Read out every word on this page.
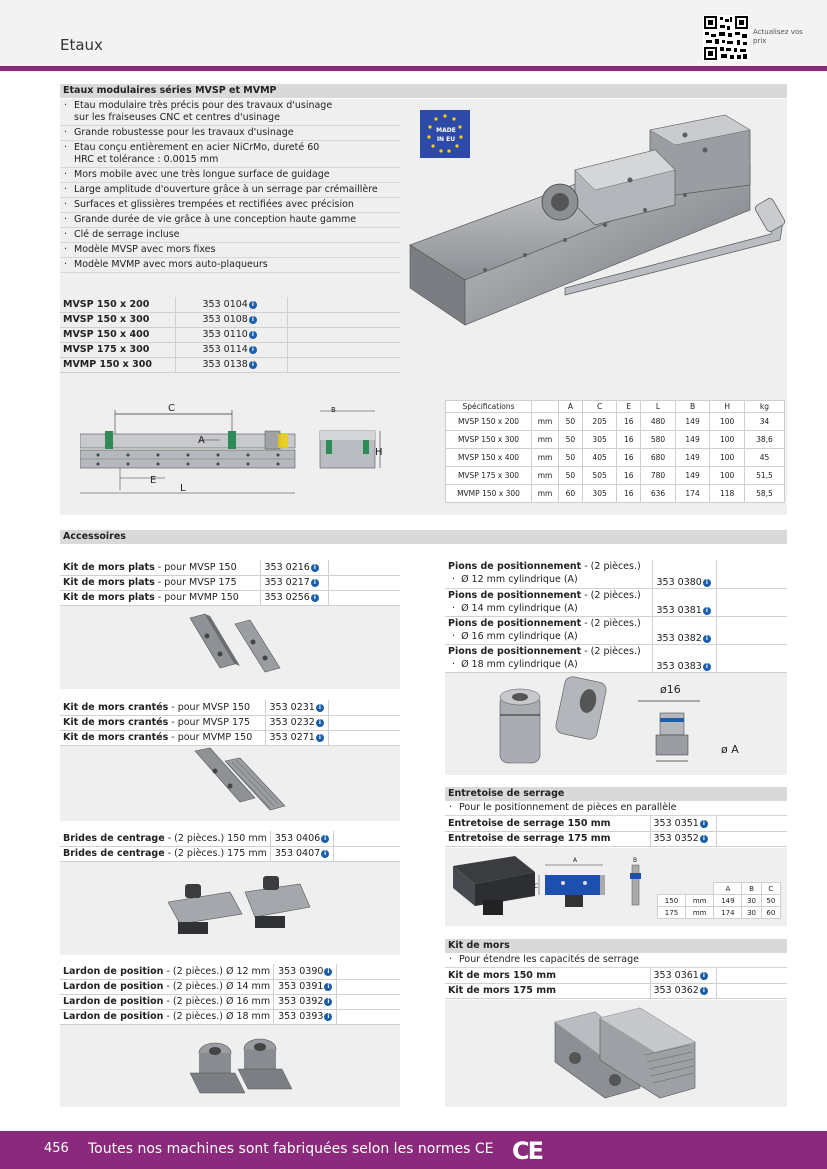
Etaux
Actualisez vos prix
Etaux modulaires séries MVSP et MVMP
· Etau modulaire très précis pour des travaux d'usinage sur les fraiseuses CNC et centres d'usinage
· Grande robustesse pour les travaux d'usinage
· Etau conçu entièrement en acier NiCrMo, dureté 60 HRC et tolérance : 0.0015 mm
· Mors mobile avec une très longue surface de guidage
· Large amplitude d'ouverture grâce à un serrage par crémaillère
· Surfaces et glissières trempées et rectifiées avec précision
· Grande durée de vie grâce à une conception haute gamme
· Clé de serrage incluse
· Modèle MVSP avec mors fixes
· Modèle MVMP avec mors auto-plaqueurs
MADE
IN EU
MVSP 150 x 200	353 0104 i	
MVSP 150 x 300	353 0108 i	
MVSP 150 x 400	353 0110 i	
MVSP 175 x 300	353 0114 i	
MVMP 150 x 300	353 0138 i	
C
A
E
L
B
H
Spécifications		A	C	E	L	B	H	kg
MVSP 150 x 200	mm	50	205	16	480	149	100	34
MVSP 150 x 300	mm	50	305	16	580	149	100	38,6
MVSP 150 x 400	mm	50	405	16	680	149	100	45
MVSP 175 x 300	mm	50	505	16	780	149	100	51,5
MVMP 150 x 300	mm	60	305	16	636	174	118	58,5
Accessoires
Kit de mors plats - pour MVSP 150	353 0216 i	
Kit de mors plats - pour MVSP 175	353 0217 i	
Kit de mors plats - pour MVMP 150	353 0256 i	
Kit de mors crantés - pour MVSP 150	353 0231 i	
Kit de mors crantés - pour MVSP 175	353 0232 i	
Kit de mors crantés - pour MVMP 150	353 0271 i	
Brides de centrage - (2 pièces.) 150 mm	353 0406 i	
Brides de centrage - (2 pièces.) 175 mm	353 0407 i	
Lardon de position - (2 pièces.) Ø 12 mm	353 0390 i	
Lardon de position - (2 pièces.) Ø 14 mm	353 0391 i	
Lardon de position - (2 pièces.) Ø 16 mm	353 0392 i	
Lardon de position - (2 pièces.) Ø 18 mm	353 0393 i	
Pions de positionnement - (2 pièces.)
·  Ø 12 mm cylindrique (A)	353 0380 i	
Pions de positionnement - (2 pièces.)
·  Ø 14 mm cylindrique (A)	353 0381 i	
Pions de positionnement - (2 pièces.)
·  Ø 16 mm cylindrique (A)	353 0382 i	
Pions de positionnement - (2 pièces.)
·  Ø 18 mm cylindrique (A)	353 0383 i	
ø16
ø A
Entretoise de serrage
· Pour le positionnement de pièces en parallèle
Entretoise de serrage 150 mm	353 0351 i	
Entretoise de serrage 175 mm	353 0352 i	
A
C
B
		A	B	C
150	mm	149	30	50
175	mm	174	30	60
Kit de mors
· Pour étendre les capacités de serrage
Kit de mors 150 mm	353 0361 i	
Kit de mors 175 mm	353 0362 i	
456 Toutes nos machines sont fabriquées selon les normes CE CE
